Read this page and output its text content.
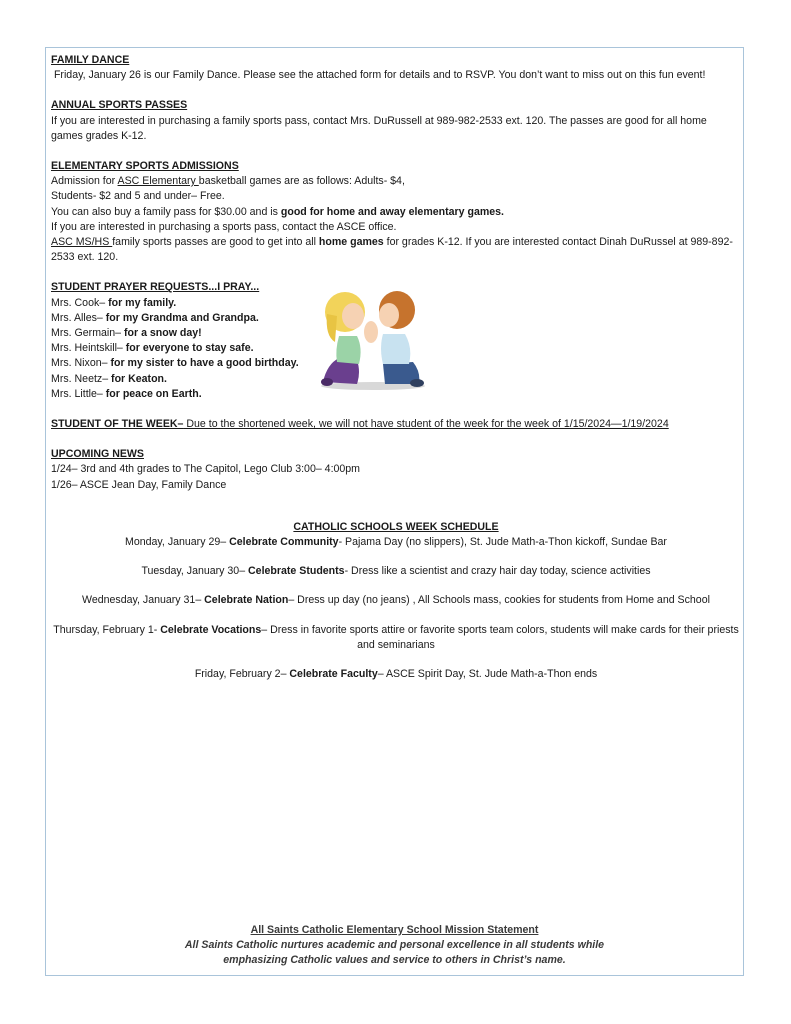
FAMILY DANCE

Friday, January 26 is our Family Dance. Please see the attached form for details and to RSVP. You don’t want to miss out on this fun event!

ANNUAL SPORTS PASSES

If you are interested in purchasing a family sports pass, contact Mrs. DuRussell at 989-982-2533 ext. 120. The passes are good for all home games grades K-12.

ELEMENTARY SPORTS ADMISSIONS

Admission for ASC Elementary basketball games are as follows: Adults- $4,

Students- $2 and 5 and under– Free.

You can also buy a family pass for $30.00 and is good for home and away elementary games.

If you are interested in purchasing a sports pass, contact the ASCE office.

ASC MS/HS family sports passes are good to get into all home games for grades K-12. If you are interested contact Dinah DuRussel at 989-892-2533 ext. 120.

STUDENT PRAYER REQUESTS...I PRAY...

Mrs. Cook– for my family.

Mrs. Alles– for my Grandma and Grandpa.

Mrs. Germain– for a snow day!

Mrs. Heintskill– for everyone to stay safe.

Mrs. Nixon– for my sister to have a good birthday.

Mrs. Neetz– for Keaton.

Mrs. Little– for peace on Earth.

STUDENT OF THE WEEK– Due to the shortened week, we will not have student of the week for the week of 1/15/2024—1/19/2024

UPCOMING NEWS

1/24– 3rd and 4th grades to The Capitol, Lego Club 3:00– 4:00pm

1/26– ASCE Jean Day, Family Dance

CATHOLIC SCHOOLS WEEK SCHEDULE

Monday, January 29– Celebrate Community- Pajama Day (no slippers), St. Jude Math-a-Thon kickoff, Sundae Bar

Tuesday, January 30– Celebrate Students- Dress like a scientist and crazy hair day today, science activities

Wednesday, January 31– Celebrate Nation– Dress up day (no jeans) , All Schools mass, cookies for students from Home and School

Thursday, February 1- Celebrate Vocations– Dress in favorite sports attire or favorite sports team colors, students will make cards for their priests and seminarians

Friday, February 2– Celebrate Faculty– ASCE Spirit Day, St. Jude Math-a-Thon ends

All Saints Catholic Elementary School Mission Statement

All Saints Catholic nurtures academic and personal excellence in all students while

emphasizing Catholic values and service to others in Christ’s name.
